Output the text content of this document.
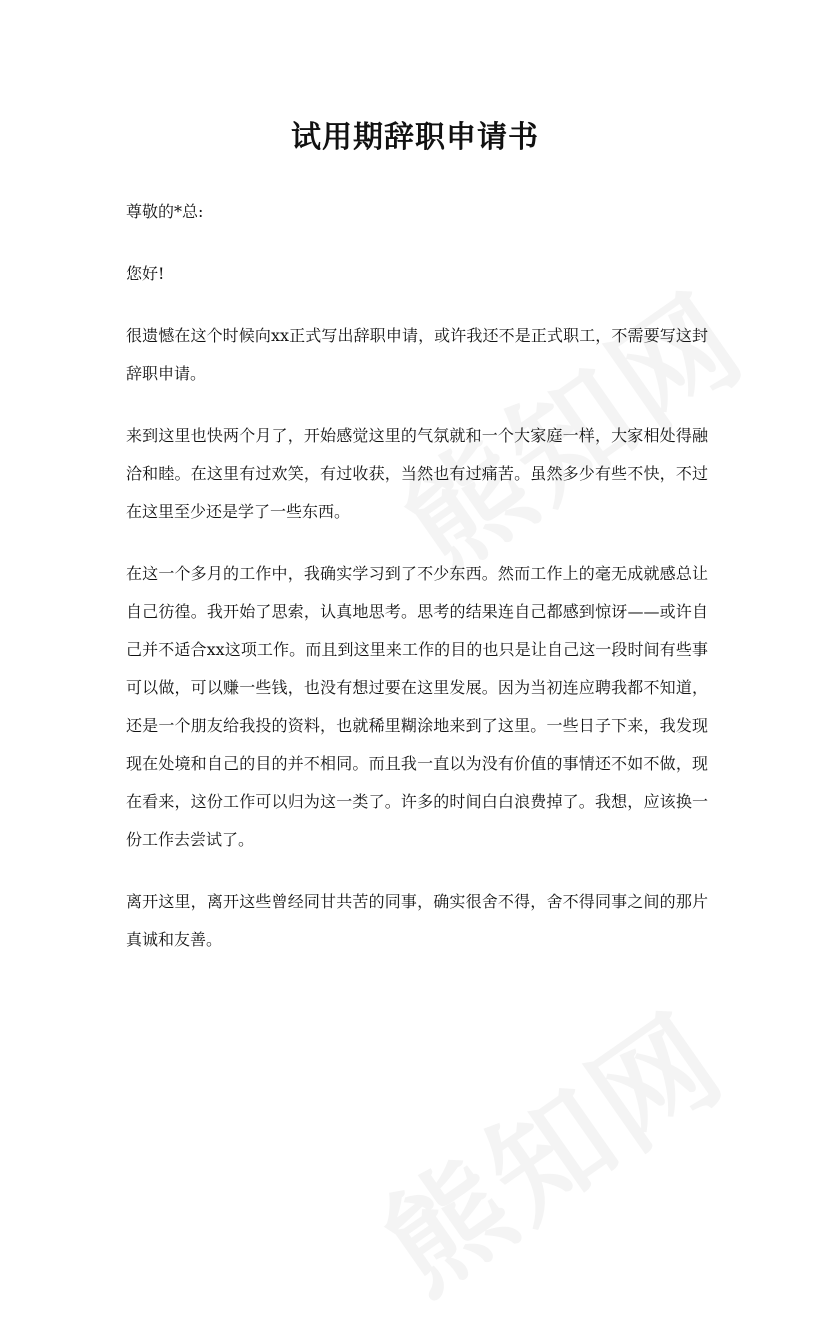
试用期辞职申请书

尊敬的*总:

您好!

很遗憾在这个时候向xx正式写出辞职申请，或许我还不是正式职工，不需要写这封辞职申请。

来到这里也快两个月了，开始感觉这里的气氛就和一个大家庭一样，大家相处得融洽和睦。在这里有过欢笑，有过收获，当然也有过痛苦。虽然多少有些不快，不过在这里至少还是学了一些东西。

在这一个多月的工作中，我确实学习到了不少东西。然而工作上的毫无成就感总让自己彷徨。我开始了思索，认真地思考。思考的结果连自己都感到惊讶——或许自己并不适合xx这项工作。而且到这里来工作的目的也只是让自己这一段时间有些事可以做，可以赚一些钱，也没有想过要在这里发展。因为当初连应聘我都不知道，还是一个朋友给我投的资料，也就稀里糊涂地来到了这里。一些日子下来，我发现现在处境和自己的目的并不相同。而且我一直以为没有价值的事情还不如不做，现在看来，这份工作可以归为这一类了。许多的时间白白浪费掉了。我想，应该换一份工作去尝试了。

离开这里，离开这些曾经同甘共苦的同事，确实很舍不得，舍不得同事之间的那片真诚和友善。
